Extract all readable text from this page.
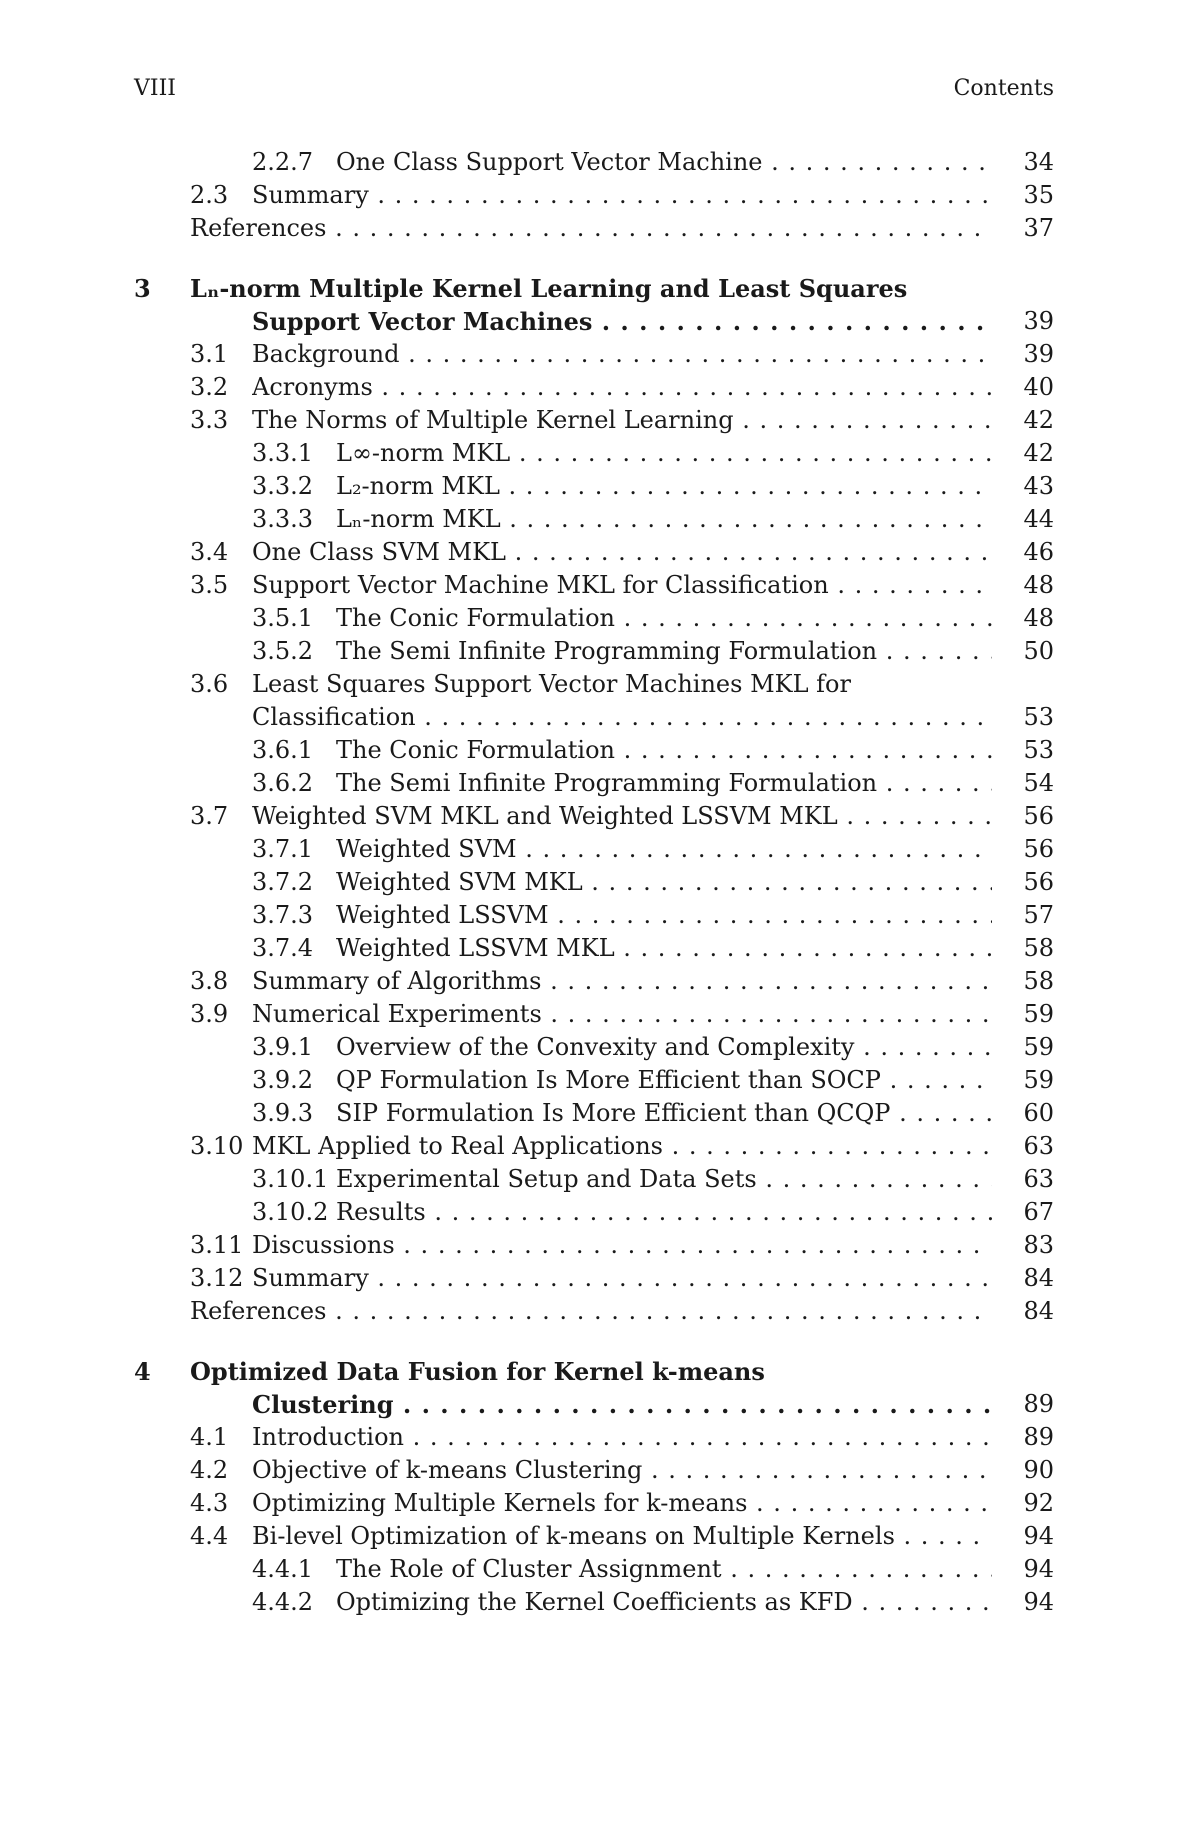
VIII	Contents
2.2.7 One Class Support Vector Machine . . .	34
2.3 Summary . . .	35
References . . .	37
3 Lₙ-norm Multiple Kernel Learning and Least Squares
Support Vector Machines . . .	39
3.1 Background . . .	39
3.2 Acronyms . . .	40
3.3 The Norms of Multiple Kernel Learning . . .	42
3.3.1 L∞-norm MKL . . .	42
3.3.2 L₂-norm MKL . . .	43
3.3.3 Lₙ-norm MKL . . .	44
3.4 One Class SVM MKL . . .	46
3.5 Support Vector Machine MKL for Classification . . .	48
3.5.1 The Conic Formulation . . .	48
3.5.2 The Semi Infinite Programming Formulation . . .	50
3.6 Least Squares Support Vector Machines MKL for
Classification . . .	53
3.6.1 The Conic Formulation . . .	53
3.6.2 The Semi Infinite Programming Formulation . . .	54
3.7 Weighted SVM MKL and Weighted LSSVM MKL . . .	56
3.7.1 Weighted SVM . . .	56
3.7.2 Weighted SVM MKL . . .	56
3.7.3 Weighted LSSVM . . .	57
3.7.4 Weighted LSSVM MKL . . .	58
3.8 Summary of Algorithms . . .	58
3.9 Numerical Experiments . . .	59
3.9.1 Overview of the Convexity and Complexity . . .	59
3.9.2 QP Formulation Is More Efficient than SOCP . . .	59
3.9.3 SIP Formulation Is More Efficient than QCQP . . .	60
3.10 MKL Applied to Real Applications . . .	63
3.10.1 Experimental Setup and Data Sets . . .	63
3.10.2 Results . . .	67
3.11 Discussions . . .	83
3.12 Summary . . .	84
References . . .	84
4 Optimized Data Fusion for Kernel k-means
Clustering . . .	89
4.1 Introduction . . .	89
4.2 Objective of k-means Clustering . . .	90
4.3 Optimizing Multiple Kernels for k-means . . .	92
4.4 Bi-level Optimization of k-means on Multiple Kernels . . .	94
4.4.1 The Role of Cluster Assignment . . .	94
4.4.2 Optimizing the Kernel Coefficients as KFD . . .	94
